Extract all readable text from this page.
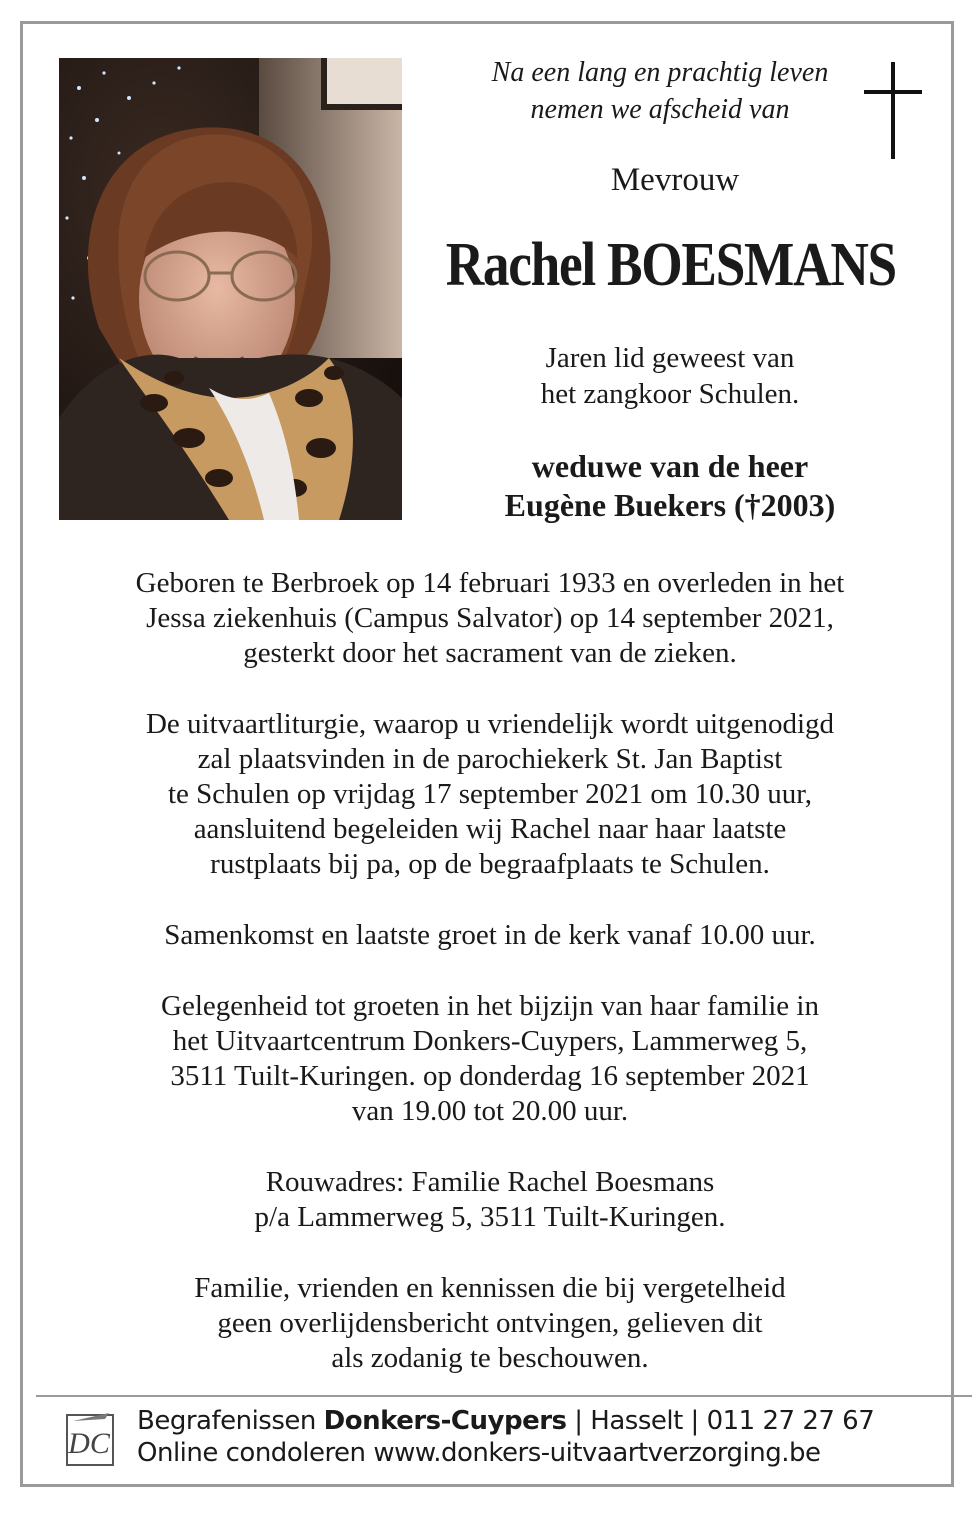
Na een lang en prachtig leven
nemen we afscheid van
Mevrouw
Rachel BOESMANS
Jaren lid geweest van
het zangkoor Schulen.
weduwe van de heer
Eugène Buekers (†2003)

Geboren te Berbroek op 14 februari 1933 en overleden in het
Jessa ziekenhuis (Campus Salvator) op 14 september 2021,
gesterkt door het sacrament van de zieken.

De uitvaartliturgie, waarop u vriendelijk wordt uitgenodigd
zal plaatsvinden in de parochiekerk St. Jan Baptist
te Schulen op vrijdag 17 september 2021 om 10.30 uur,
aansluitend begeleiden wij Rachel naar haar laatste
rustplaats bij pa, op de begraafplaats te Schulen.

Samenkomst en laatste groet in de kerk vanaf 10.00 uur.

Gelegenheid tot groeten in het bijzijn van haar familie in
het Uitvaartcentrum Donkers-Cuypers, Lammerweg 5,
3511 Tuilt-Kuringen. op donderdag 16 september 2021
van 19.00 tot 20.00 uur.

Rouwadres: Familie Rachel Boesmans
p/a Lammerweg 5, 3511 Tuilt-Kuringen.

Familie, vrienden en kennissen die bij vergetelheid
geen overlijdensbericht ontvingen, gelieven dit
als zodanig te beschouwen.

DC
Begrafenissen Donkers-Cuypers | Hasselt | 011 27 27 67
Online condoleren www.donkers-uitvaartverzorging.be
